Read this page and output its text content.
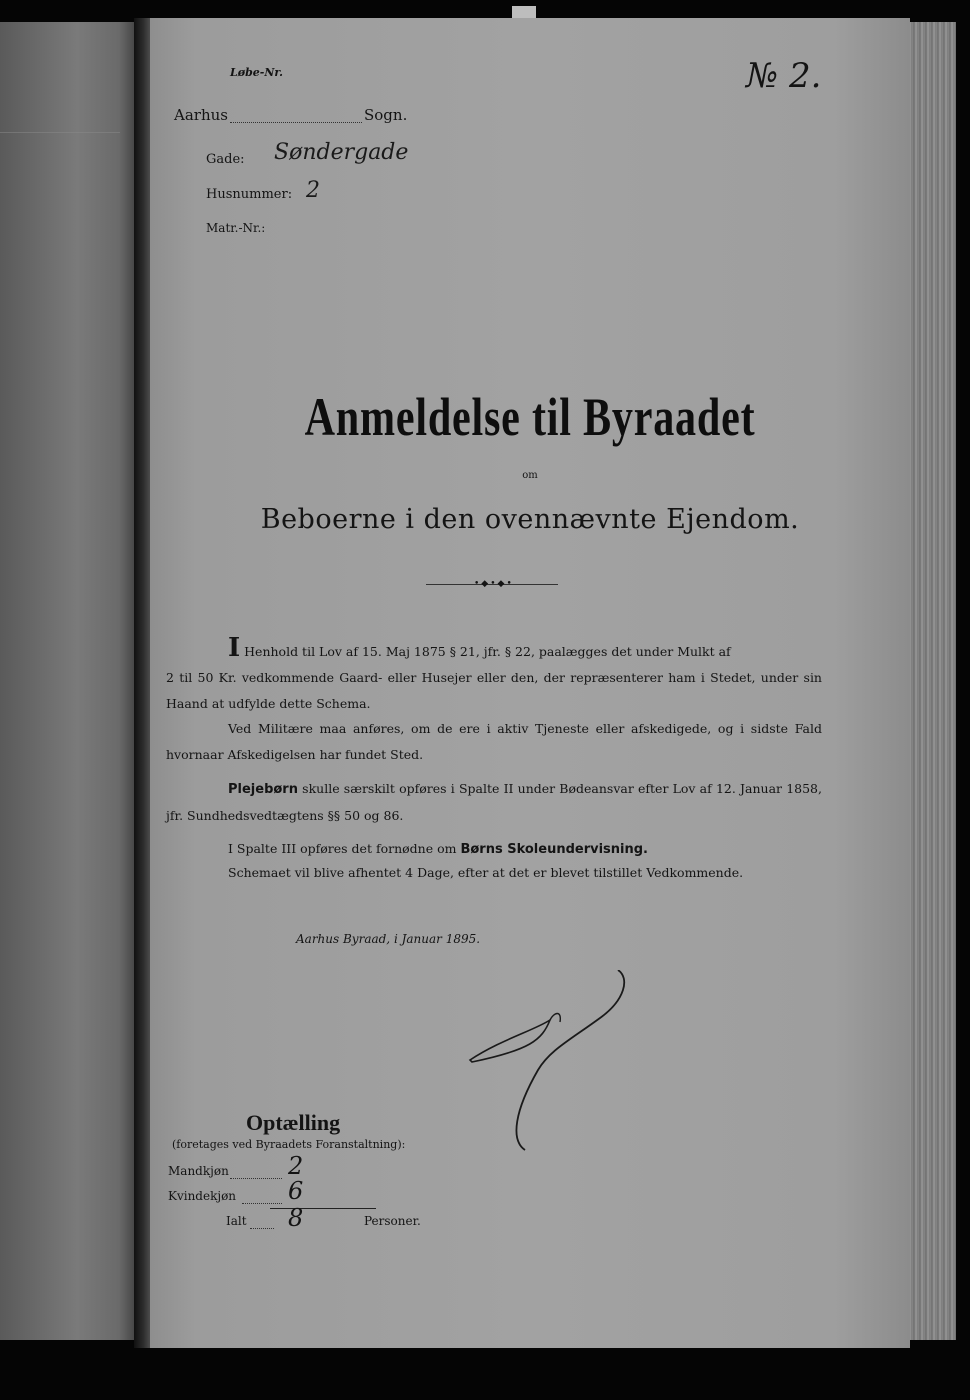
Løbe-Nr.
Aarhus	Sogn.
Gade: Søndergade
Husnummer: 2
Matr.-Nr.:
№ 2.
Anmeldelse til Byraadet
om
Beboerne i den ovennævnte Ejendom.
•◆•◆•
I Henhold til Lov af 15. Maj 1875 § 21, jfr. § 22, paalægges det under Mulkt af
2 til 50 Kr. vedkommende Gaard- eller Husejer eller den, der repræsenterer ham i Stedet, under sin Haand at udfylde dette Schema.
Ved Militære maa anføres, om de ere i aktiv Tjeneste eller afskedigede, og i sidste Fald hvornaar Afskedigelsen har fundet Sted.
Plejebørn skulle særskilt opføres i Spalte II under Bødeansvar efter Lov af 12. Januar 1858, jfr. Sundhedsvedtægtens §§ 50 og 86.
I Spalte III opføres det fornødne om Børns Skoleundervisning.
Schemaet vil blive afhentet 4 Dage, efter at det er blevet tilstillet Vedkommende.
Aarhus Byraad, i Januar 1895.
Optælling
(foretages ved Byraadets Foranstaltning):
Mandkjøn 2
Kvindekjøn 6
Ialt 8	Personer.
